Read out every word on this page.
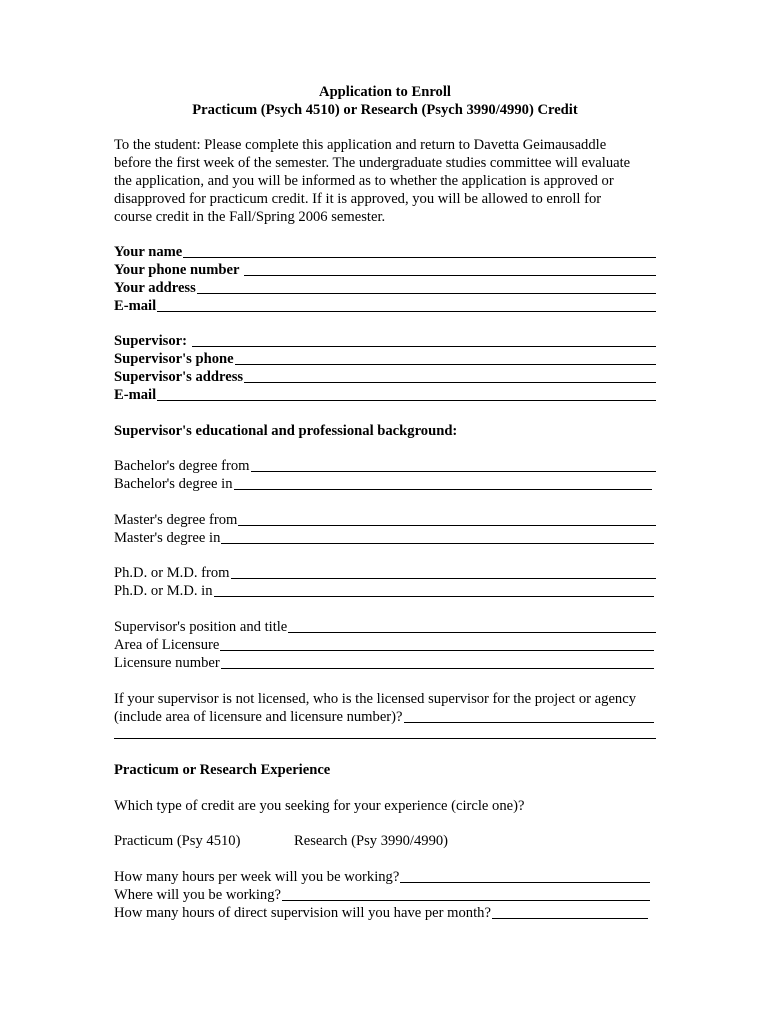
Application to Enroll
Practicum (Psych 4510) or Research (Psych 3990/4990) Credit
To the student: Please complete this application and return to Davetta Geimausaddle
before the first week of the semester. The undergraduate studies committee will evaluate
the application, and you will be informed as to whether the application is approved or
disapproved for practicum credit. If it is approved, you will be allowed to enroll for
course credit in the Fall/Spring 2006 semester.
Your name
Your phone number
Your address
E-mail
Supervisor:
Supervisor's phone
Supervisor's address
E-mail
Supervisor's educational and professional background:
Bachelor's degree from
Bachelor's degree in
Master's degree from
Master's degree in
Ph.D. or M.D. from
Ph.D. or M.D. in
Supervisor's position and title
Area of Licensure
Licensure number
If your supervisor is not licensed, who is the licensed supervisor for the project or agency
(include area of licensure and licensure number)?
Practicum or Research Experience
Which type of credit are you seeking for your experience (circle one)?
Practicum (Psy 4510)	Research (Psy 3990/4990)
How many hours per week will you be working?
Where will you be working?
How many hours of direct supervision will you have per month?
